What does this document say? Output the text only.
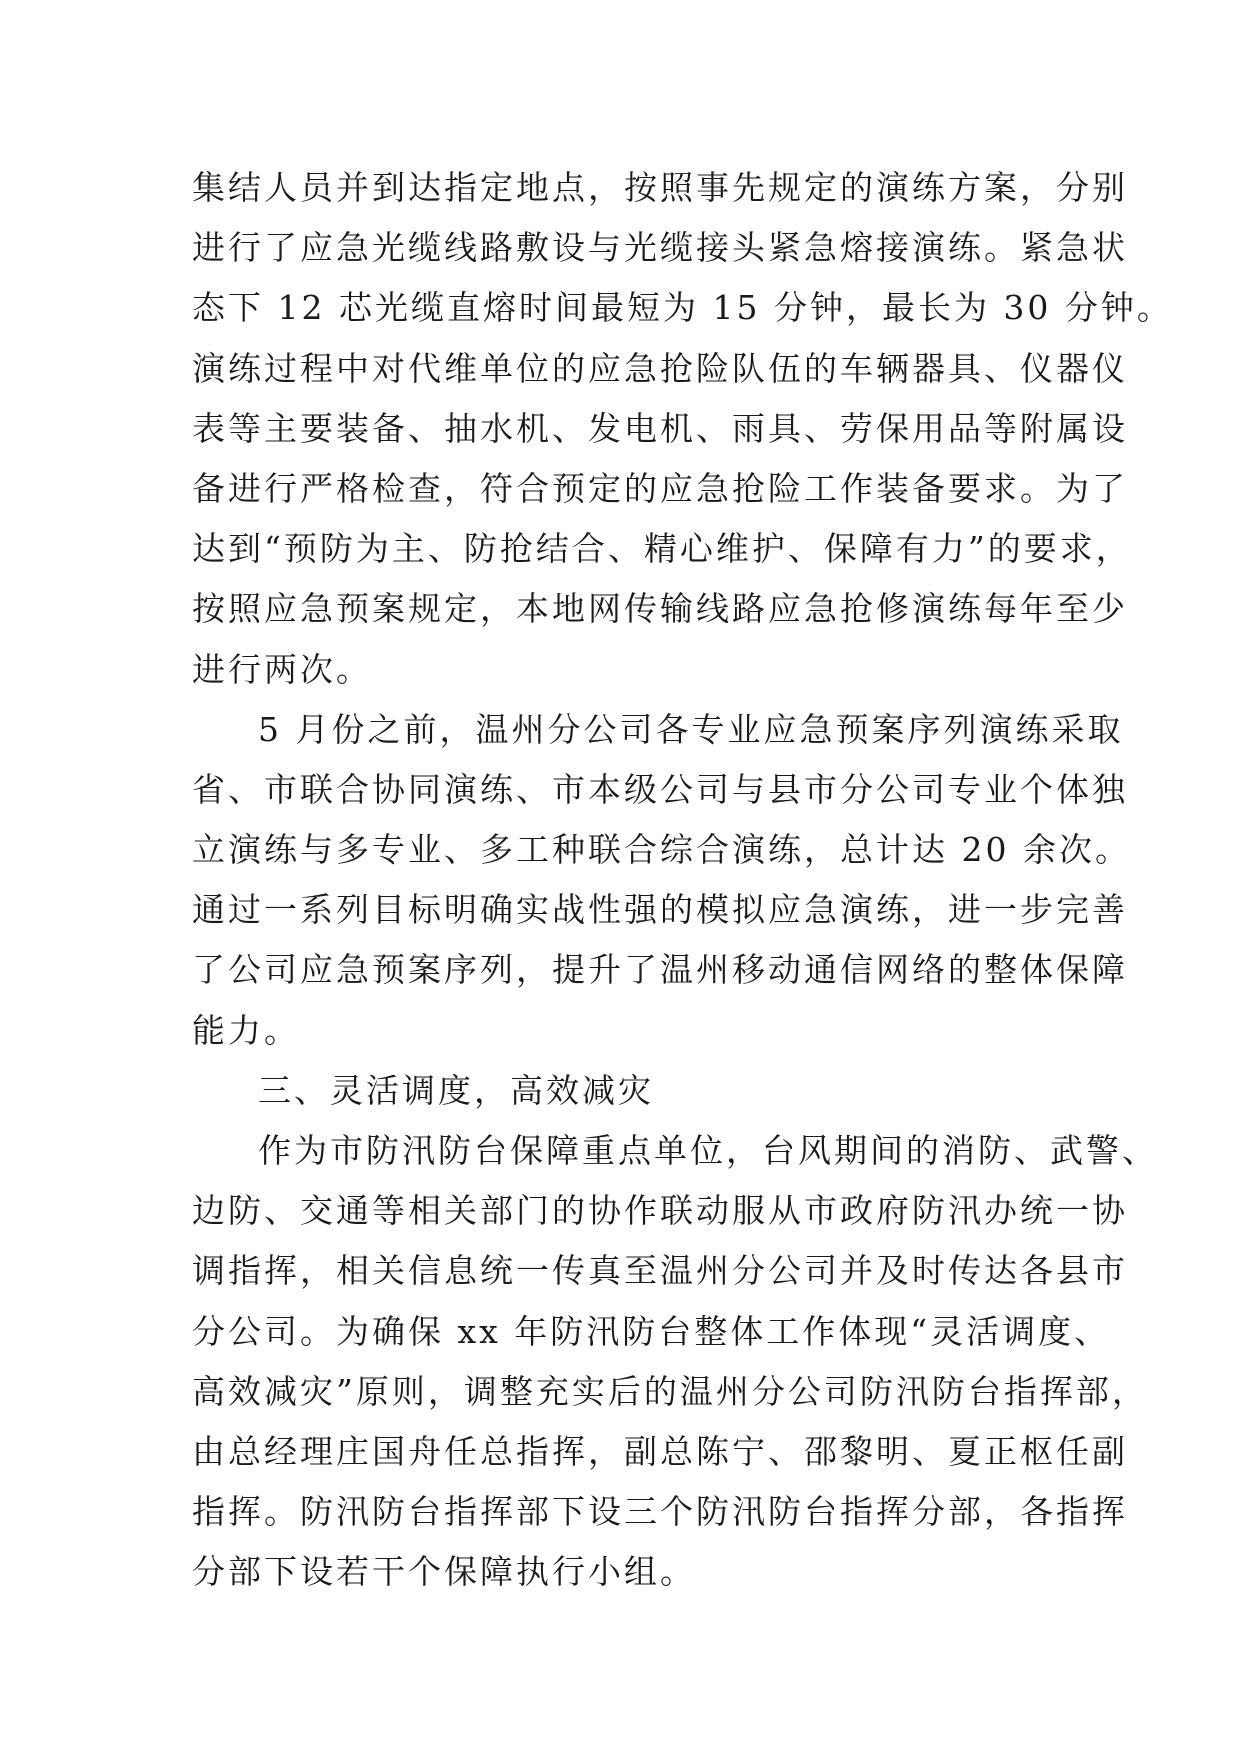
集结人员并到达指定地点，按照事先规定的演练方案，分别
进行了应急光缆线路敷设与光缆接头紧急熔接演练。紧急状
态下 12 芯光缆直熔时间最短为 15 分钟，最长为 30 分钟。
演练过程中对代维单位的应急抢险队伍的车辆器具、仪器仪
表等主要装备、抽水机、发电机、雨具、劳保用品等附属设
备进行严格检查，符合预定的应急抢险工作装备要求。为了
达到“预防为主、防抢结合、精心维护、保障有力”的要求，
按照应急预案规定，本地网传输线路应急抢修演练每年至少
进行两次。
5 月份之前，温州分公司各专业应急预案序列演练采取
省、市联合协同演练、市本级公司与县市分公司专业个体独
立演练与多专业、多工种联合综合演练，总计达 20 余次。
通过一系列目标明确实战性强的模拟应急演练，进一步完善
了公司应急预案序列，提升了温州移动通信网络的整体保障
能力。
三、灵活调度，高效减灾
作为市防汛防台保障重点单位，台风期间的消防、武警、
边防、交通等相关部门的协作联动服从市政府防汛办统一协
调指挥，相关信息统一传真至温州分公司并及时传达各县市
分公司。为确保 xx 年防汛防台整体工作体现“灵活调度、
高效减灾”原则，调整充实后的温州分公司防汛防台指挥部，
由总经理庄国舟任总指挥，副总陈宁、邵黎明、夏正枢任副
指挥。防汛防台指挥部下设三个防汛防台指挥分部，各指挥
分部下设若干个保障执行小组。
